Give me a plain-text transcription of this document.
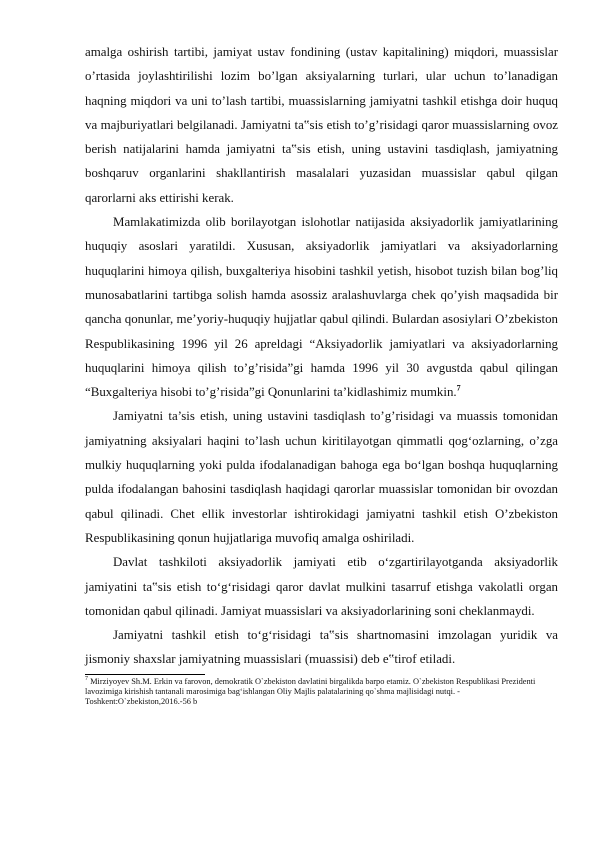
amalga oshirish tartibi, jamiyat ustav fondining (ustav kapitalining) miqdori, muassislar o’rtasida joylashtirilishi lozim bo’lgan aksiyalarning turlari, ular uchun to’lanadigan haqning miqdori va uni to’lash tartibi, muassislarning jamiyatni tashkil etishga doir huquq va majburiyatlari belgilanadi. Jamiyatni ta‟sis etish to’g’risidagi qaror muassislarning ovoz berish natijalarini hamda jamiyatni ta‟sis etish, uning ustavini tasdiqlash, jamiyatning boshqaruv organlarini shakllantirish masalalari yuzasidan muassislar qabul qilgan qarorlarni aks ettirishi kerak.

Mamlakatimizda olib borilayotgan islohotlar natijasida aksiyadorlik jamiyatlarining huquqiy asoslari yaratildi. Xususan, aksiyadorlik jamiyatlari va aksiyadorlarning huquqlarini himoya qilish, buxgalteriya hisobini tashkil yetish, hisobot tuzish bilan bog’liq munosabatlarini tartibga solish hamda asossiz aralashuvlarga chek qo’yish maqsadida bir qancha qonunlar, me’yoriy-huquqiy hujjatlar qabul qilindi. Bulardan asosiylari O’zbekiston Respublikasining 1996 yil 26 apreldagi “Aksiyadorlik jamiyatlari va aksiyadorlarning huquqlarini himoya qilish to’g’risida”gi hamda 1996 yil 30 avgustda qabul qilingan “Buxgalteriya hisobi to’g’risida”gi Qonunlarini ta’kidlashimiz mumkin.$^7$

Jamiyatni ta’sis etish, uning ustavini tasdiqlash to’g’risidagi va muassis tomonidan jamiyatning aksiyalari haqini to’lash uchun kiritilayotgan qimmatli qog‘ozlarning, o’zga mulkiy huquqlarning yoki pulda ifodalanadigan bahoga ega bo‘lgan boshqa huquqlarning pulda ifodalangan bahosini tasdiqlash haqidagi qarorlar muassislar tomonidan bir ovozdan qabul qilinadi. Chet ellik investorlar ishtirokidagi jamiyatni tashkil etish O’zbekiston Respublikasining qonun hujjatlariga muvofiq amalga oshiriladi.

Davlat tashkiloti aksiyadorlik jamiyati etib o‘zgartirilayotganda aksiyadorlik jamiyatini ta‟sis etish to‘g‘risidagi qaror davlat mulkini tasarruf etishga vakolatli organ tomonidan qabul qilinadi. Jamiyat muassislari va aksiyadorlarining soni cheklanmaydi.

Jamiyatni tashkil etish to‘g‘risidagi ta‟sis shartnomasini imzolagan yuridik va jismoniy shaxslar jamiyatning muassislari (muassisi) deb e‟tirof etiladi.

$^7$ Mirziyoyev Sh.M. Erkin va farovon, demokratik O`zbekiston davlatini birgalikda barpo etamiz. O`zbekiston Respublikasi Prezidenti lavozimiga kirishish tantanali marosimiga bag‘ishlangan Oliy Majlis palatalarining qo`shma majlisidagi nutqi. - Toshkent:O`zbekiston,2016.-56 b
